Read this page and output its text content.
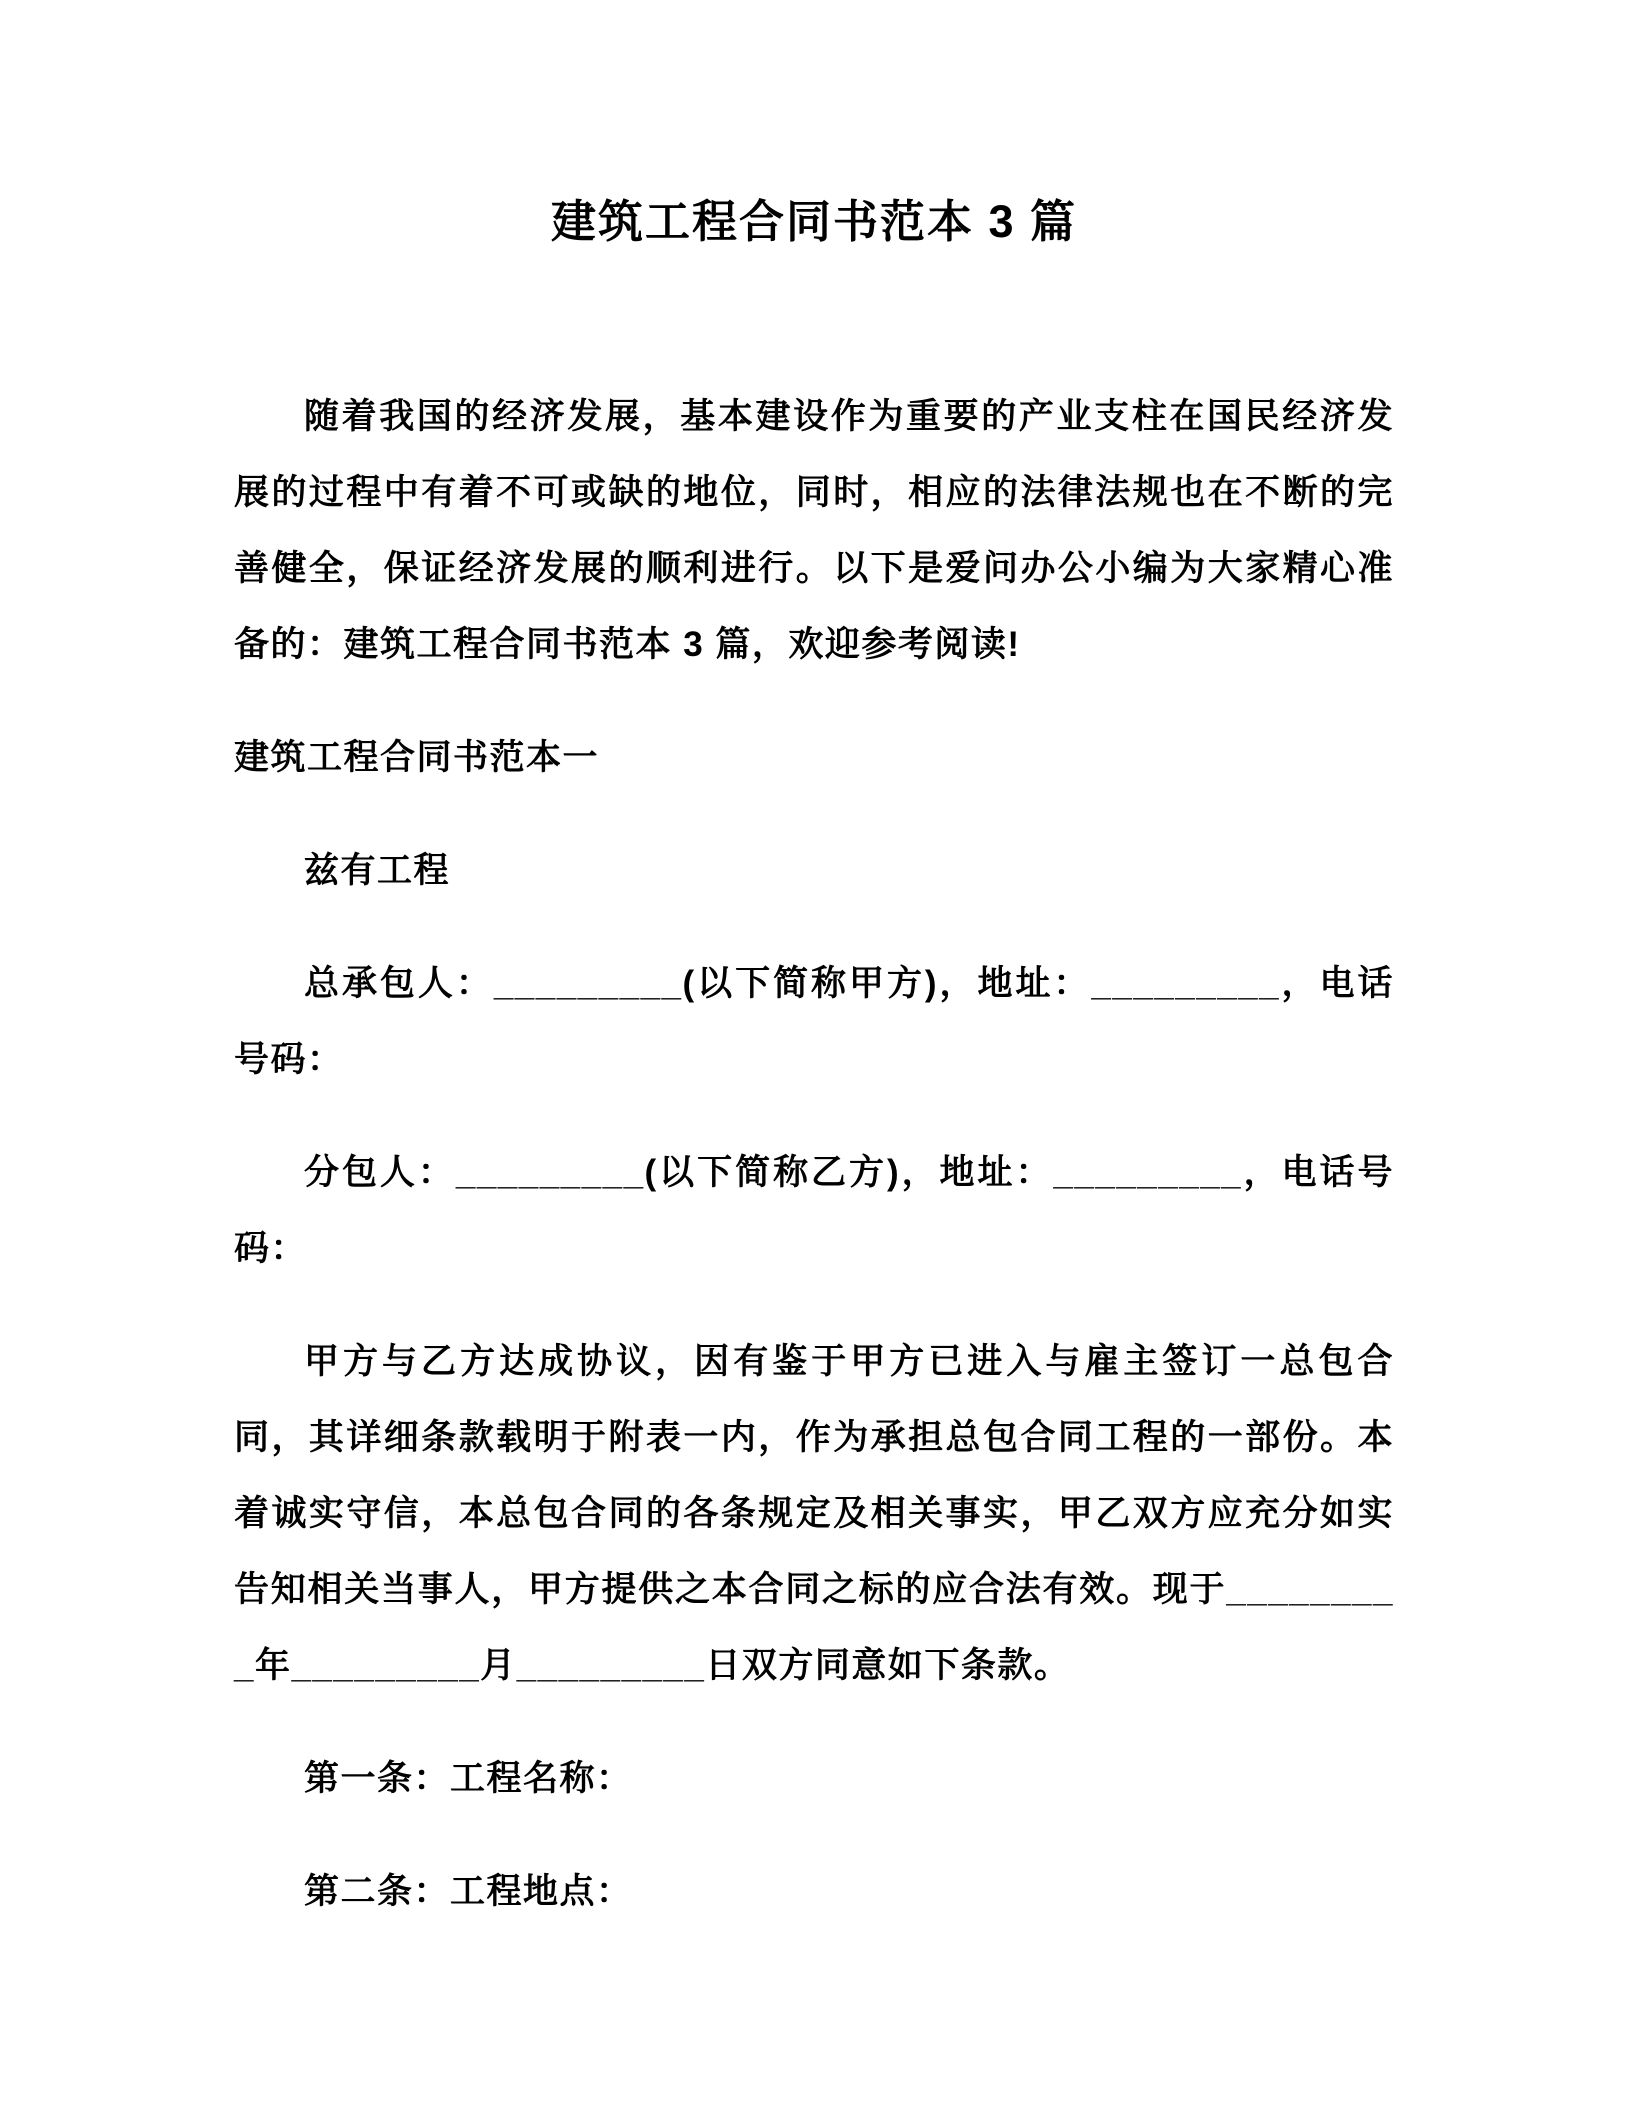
建筑工程合同书范本 3 篇

随着我国的经济发展，基本建设作为重要的产业支柱在国民经济发展的过程中有着不可或缺的地位，同时，相应的法律法规也在不断的完善健全，保证经济发展的顺利进行。以下是爱问办公小编为大家精心准备的：建筑工程合同书范本 3 篇，欢迎参考阅读!

建筑工程合同书范本一

兹有工程

总承包人：_________(以下简称甲方)，地址：_________，电话号码：

分包人：_________(以下简称乙方)，地址：_________，电话号码：

甲方与乙方达成协议，因有鉴于甲方已进入与雇主签订一总包合同，其详细条款载明于附表一内，作为承担总包合同工程的一部份。本着诚实守信，本总包合同的各条规定及相关事实，甲乙双方应充分如实告知相关当事人，甲方提供之本合同之标的应合法有效。现于_________年_________月_________日双方同意如下条款。

第一条：工程名称：

第二条：工程地点：
